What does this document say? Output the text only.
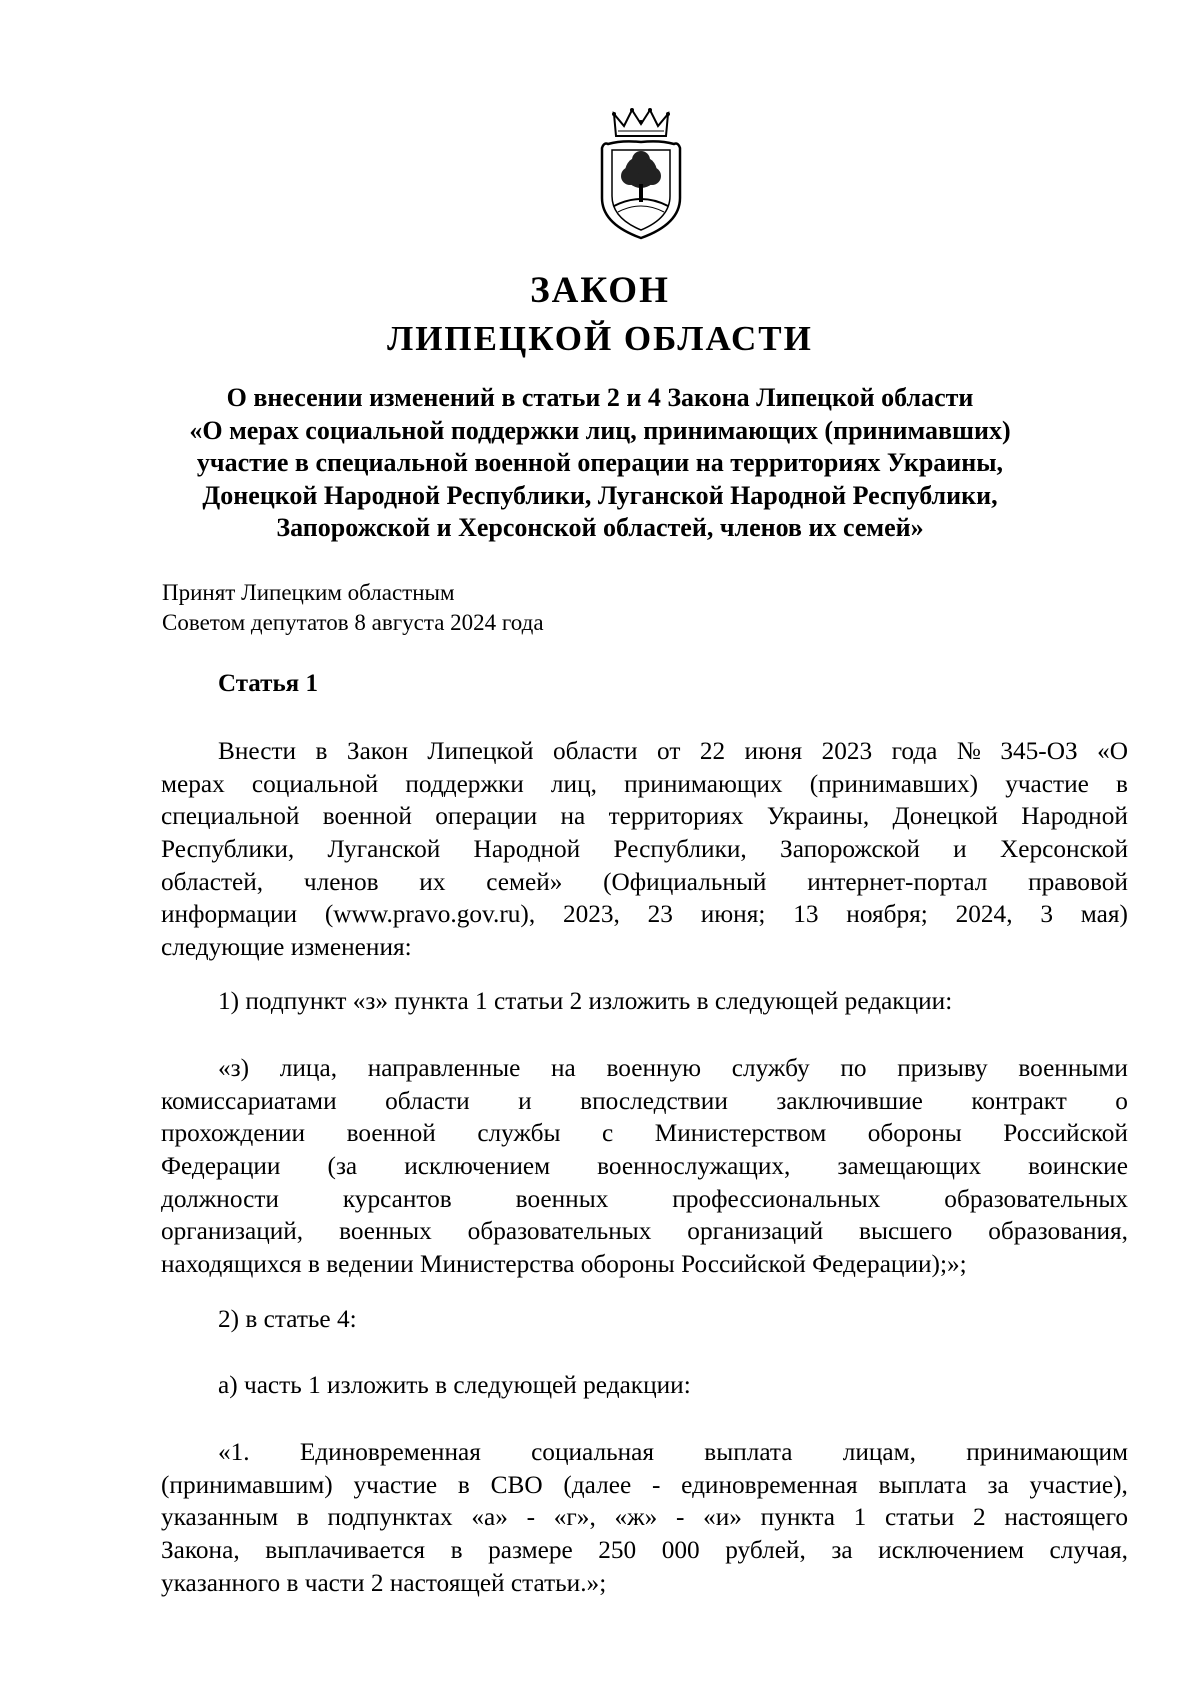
ЗАКОН
ЛИПЕЦКОЙ ОБЛАСТИ
О внесении изменений в статьи 2 и 4 Закона Липецкой области
«О мерах социальной поддержки лиц, принимающих (принимавших)
участие в специальной военной операции на территориях Украины,
Донецкой Народной Республики, Луганской Народной Республики,
Запорожской и Херсонской областей, членов их семей»
Принят Липецким областным
Советом депутатов 8 августа 2024 года
Статья 1
Внести в Закон Липецкой области от 22 июня 2023 года № 345-ОЗ «О
мерах социальной поддержки лиц, принимающих (принимавших) участие в
специальной военной операции на территориях Украины, Донецкой Народной
Республики, Луганской Народной Республики, Запорожской и Херсонской
областей, членов их семей» (Официальный интернет-портал правовой
информации (www.pravo.gov.ru), 2023, 23 июня; 13 ноября; 2024, 3 мая)
следующие изменения:
1) подпункт «з» пункта 1 статьи 2 изложить в следующей редакции:
«з) лица, направленные на военную службу по призыву военными
комиссариатами области и впоследствии заключившие контракт о
прохождении военной службы с Министерством обороны Российской
Федерации (за исключением военнослужащих, замещающих воинские
должности	курсантов	военных	профессиональных	образовательных
организаций, военных образовательных организаций высшего образования,
находящихся в ведении Министерства обороны Российской Федерации);»;
2) в статье 4:
а) часть 1 изложить в следующей редакции:
«1. Единовременная социальная выплата лицам, принимающим
(принимавшим) участие в СВО (далее - единовременная выплата за участие),
указанным в подпунктах «а» - «г», «ж» - «и» пункта 1 статьи 2 настоящего
Закона, выплачивается в размере 250 000 рублей, за исключением случая,
указанного в части 2 настоящей статьи.»;
